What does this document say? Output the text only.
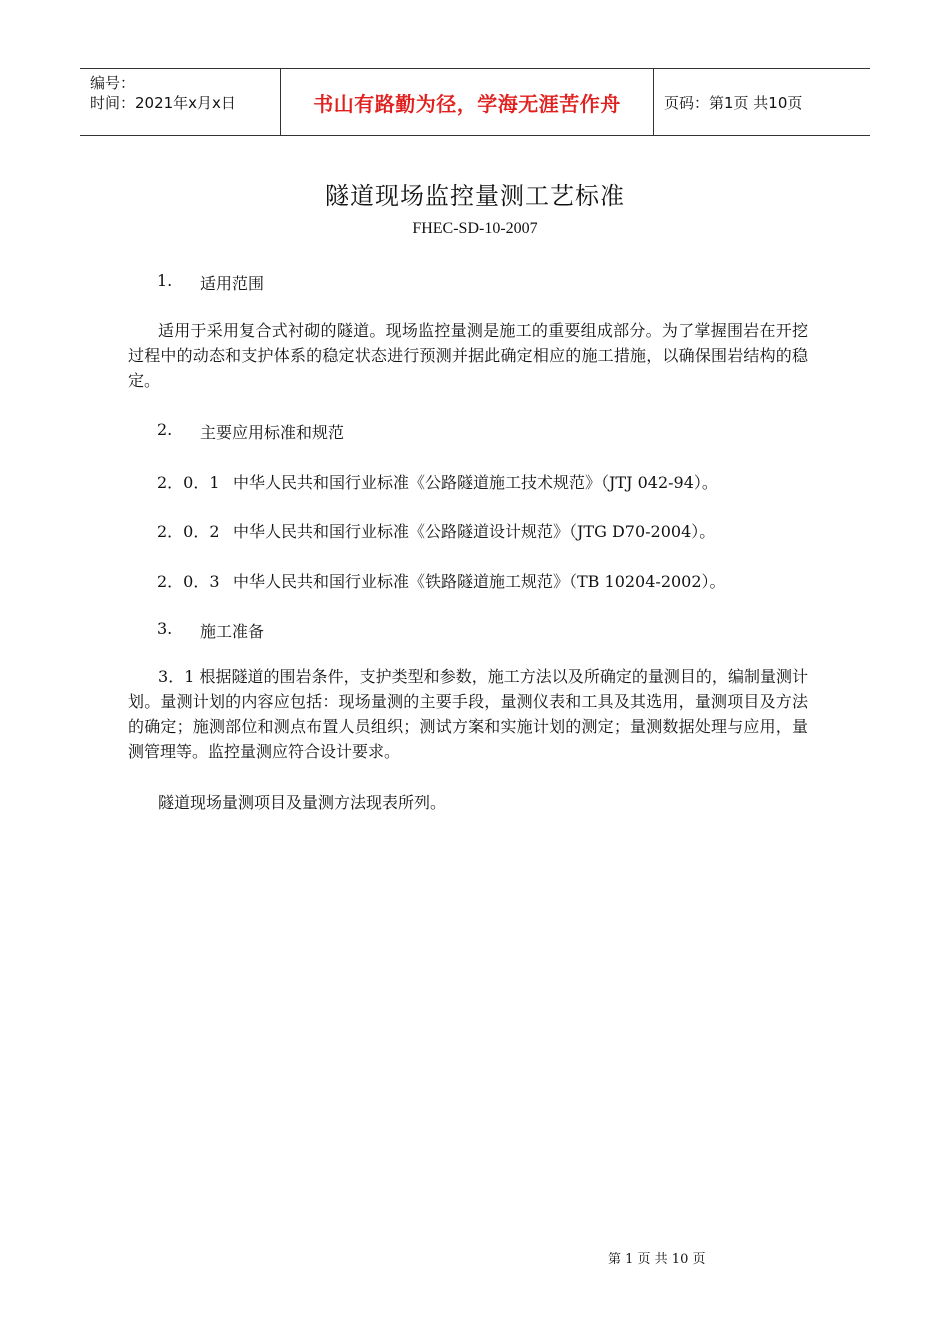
编号：
时间：2021年x月x日	书山有路勤为径，学海无涯苦作舟	页码：第1页 共10页
隧道现场监控量测工艺标准
FHEC-SD-10-2007
1. 适用范围
适用于采用复合式衬砌的隧道。现场监控量测是施工的重要组成部分。为了掌握围岩在开挖过程中的动态和支护体系的稳定状态进行预测并据此确定相应的施工措施，以确保围岩结构的稳定。
2. 主要应用标准和规范
2．0．1 中华人民共和国行业标准《公路隧道施工技术规范》（JTJ 042-94）。
2．0．2 中华人民共和国行业标准《公路隧道设计规范》（JTG D70-2004）。
2．0．3 中华人民共和国行业标准《铁路隧道施工规范》（TB 10204-2002）。
3. 施工准备
3．1 根据隧道的围岩条件，支护类型和参数，施工方法以及所确定的量测目的，编制量测计划。量测计划的内容应包括：现场量测的主要手段，量测仪表和工具及其选用，量测项目及方法的确定；施测部位和测点布置人员组织；测试方案和实施计划的测定；量测数据处理与应用，量测管理等。监控量测应符合设计要求。
隧道现场量测项目及量测方法现表所列。
第 1 页 共 10 页
